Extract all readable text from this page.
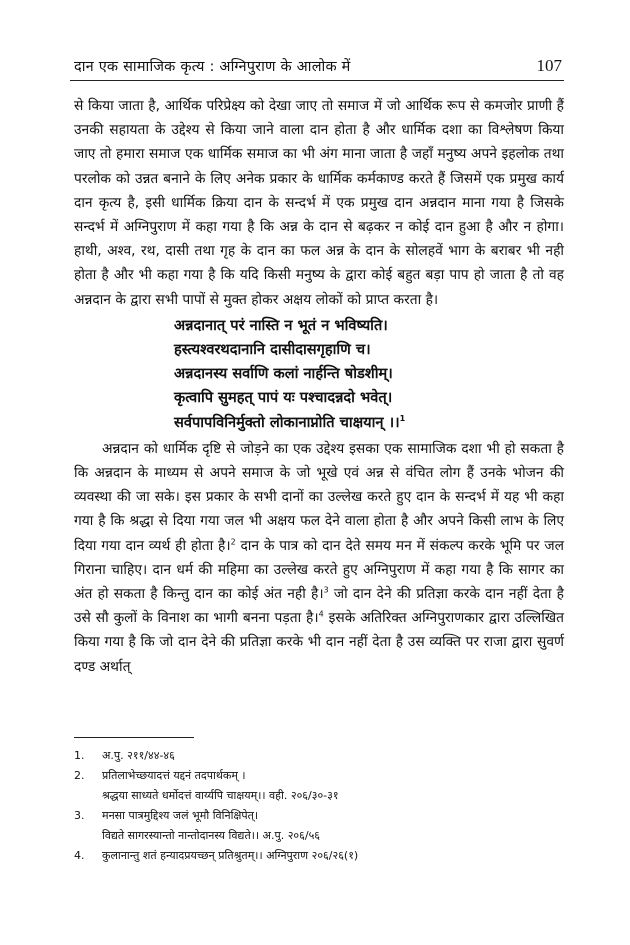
दान एक सामाजिक कृत्य : अग्निपुराण के आलोक में	107

से किया जाता है, आर्थिक परिप्रेक्ष्य को देखा जाए तो समाज में जो आर्थिक रूप से कमजोर प्राणी हैं उनकी सहायता के उद्देश्य से किया जाने वाला दान होता है और धार्मिक दशा का विश्लेषण किया जाए तो हमारा समाज एक धार्मिक समाज का भी अंग माना जाता है जहाँ मनुष्य अपने इहलोक तथा परलोक को उन्नत बनाने के लिए अनेक प्रकार के धार्मिक कर्मकाण्ड करते हैं जिसमें एक प्रमुख कार्य दान कृत्य है, इसी धार्मिक क्रिया दान के सन्दर्भ में एक प्रमुख दान अन्नदान माना गया है जिसके सन्दर्भ में अग्निपुराण में कहा गया है कि अन्न के दान से बढ़कर न कोई दान हुआ है और न होगा। हाथी, अश्व, रथ, दासी तथा गृह के दान का फल अन्न के दान के सोलहवें भाग के बराबर भी नही होता है और भी कहा गया है कि यदि किसी मनुष्य के द्वारा कोई बहुत बड़ा पाप हो जाता है तो वह अन्नदान के द्वारा सभी पापों से मुक्त होकर अक्षय लोकों को प्राप्त करता है।

अन्नदानात् परं नास्ति न भूतं न भविष्यति।
हस्त्यश्वरथदानानि दासीदासगृहाणि च।
अन्नदानस्य सर्वाणि कलां नार्हन्ति षोडशीम्।
कृत्वापि सुमहत् पापं यः पश्चादन्नदो भवेत्।
सर्वपापविनिर्मुक्तो लोकानाप्नोति चाक्षयान् ।।$^1$

अन्नदान को धार्मिक दृष्टि से जोड़ने का एक उद्देश्य इसका एक सामाजिक दशा भी हो सकता है कि अन्नदान के माध्यम से अपने समाज के जो भूखे एवं अन्न से वंचित लोग हैं उनके भोजन की व्यवस्था की जा सके। इस प्रकार के सभी दानों का उल्लेख करते हुए दान के सन्दर्भ में यह भी कहा गया है कि श्रद्धा से दिया गया जल भी अक्षय फल देने वाला होता है और अपने किसी लाभ के लिए दिया गया दान व्यर्थ ही होता है।$^2$ दान के पात्र को दान देते समय मन में संकल्प करके भूमि पर जल गिराना चाहिए। दान धर्म की महिमा का उल्लेख करते हुए अग्निपुराण में कहा गया है कि सागर का अंत हो सकता है किन्तु दान का कोई अंत नही है।$^3$ जो दान देने की प्रतिज्ञा करके दान नहीं देता है उसे सौ कुलों के विनाश का भागी बनना पड़ता है।$^4$ इसके अतिरिक्त अग्निपुराणकार द्वारा उल्लिखित किया गया है कि जो दान देने की प्रतिज्ञा करके भी दान नहीं देता है उस व्यक्ति पर राजा द्वारा सुवर्ण दण्ड अर्थात्

1.	अ.पु. २११/४४-४६
2.	प्रतिलाभेच्छयादत्तं यद्दनं तदपार्थकम् ।
श्रद्धया साध्यते धर्मोदत्तं वार्य्यपि चाक्षयम्।। वही. २०६/३०-३१
3.	मनसा पात्रमुद्दिश्य जलं भूमौ विनिक्षिपेत्।
विद्यते सागरस्यान्तो नान्तोदानस्य विद्यते।। अ.पु. २०६/५६
4.	कुलानान्तु शतं हन्यादप्रयच्छन् प्रतिश्रुतम्।। अग्निपुराण २०६/२६(१)
